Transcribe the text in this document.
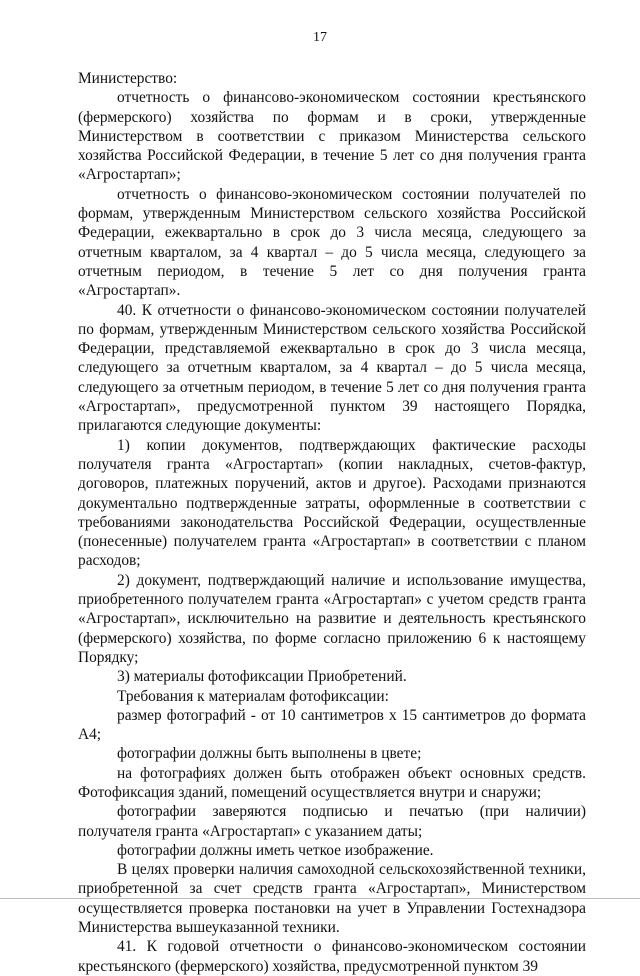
17

Министерство:

отчетность о финансово-экономическом состоянии крестьянского (фермерского) хозяйства по формам и в сроки, утвержденные Министерством в соответствии с приказом Министерства сельского хозяйства Российской Федерации, в течение 5 лет со дня получения гранта «Агростартап»;

отчетность о финансово-экономическом состоянии получателей по формам, утвержденным Министерством сельского хозяйства Российской Федерации, ежеквартально в срок до 3 числа месяца, следующего за отчетным кварталом, за 4 квартал – до 5 числа месяца, следующего за отчетным периодом, в течение 5 лет со дня получения гранта «Агростартап».

40. К отчетности о финансово-экономическом состоянии получателей по формам, утвержденным Министерством сельского хозяйства Российской Федерации, представляемой ежеквартально в срок до 3 числа месяца, следующего за отчетным кварталом, за 4 квартал – до 5 числа месяца, следующего за отчетным периодом, в течение 5 лет со дня получения гранта «Агростартап», предусмотренной пунктом 39 настоящего Порядка, прилагаются следующие документы:

1) копии документов, подтверждающих фактические расходы получателя гранта «Агростартап» (копии накладных, счетов-фактур, договоров, платежных поручений, актов и другое). Расходами признаются документально подтвержденные затраты, оформленные в соответствии с требованиями законодательства Российской Федерации, осуществленные (понесенные) получателем гранта «Агростартап» в соответствии с планом расходов;

2) документ, подтверждающий наличие и использование имущества, приобретенного получателем гранта «Агростартап» с учетом средств гранта «Агростартап», исключительно на развитие и деятельность крестьянского (фермерского) хозяйства, по форме согласно приложению 6 к настоящему Порядку;

3) материалы фотофиксации Приобретений.

Требования к материалам фотофиксации:

размер фотографий - от 10 сантиметров х 15 сантиметров до формата А4;

фотографии должны быть выполнены в цвете;

на фотографиях должен быть отображен объект основных средств. Фотофиксация зданий, помещений осуществляется внутри и снаружи;

фотографии заверяются подписью и печатью (при наличии) получателя гранта «Агростартап» с указанием даты;

фотографии должны иметь четкое изображение.

В целях проверки наличия самоходной сельскохозяйственной техники, приобретенной за счет средств гранта «Агростартап», Министерством осуществляется проверка постановки на учет в Управлении Гостехнадзора Министерства вышеуказанной техники.

41. К годовой отчетности о финансово-экономическом состоянии крестьянского (фермерского) хозяйства, предусмотренной пунктом 39
